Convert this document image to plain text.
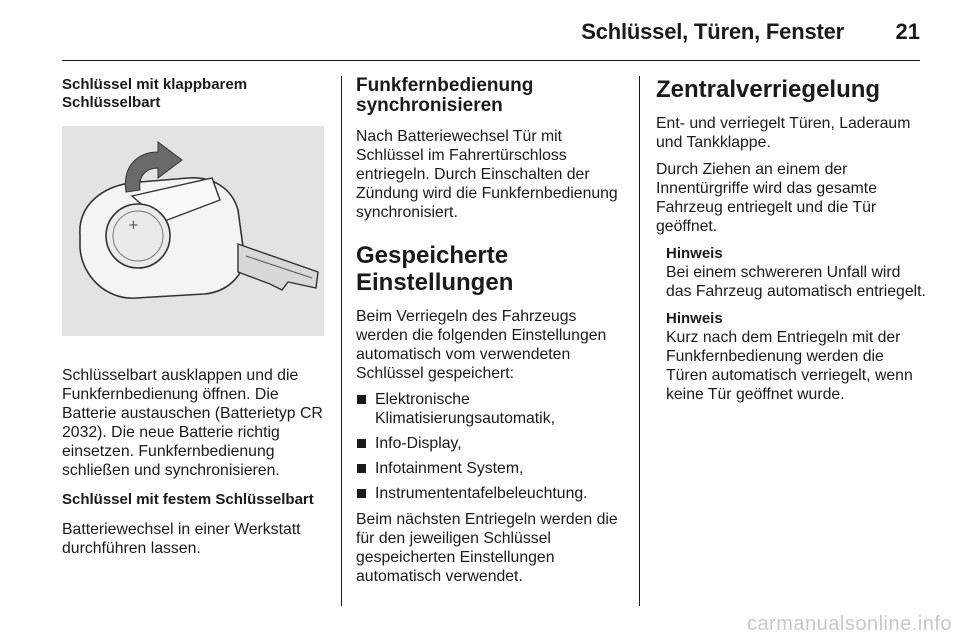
Schlüssel, Türen, Fenster 21

Schlüssel mit klappbarem Schlüsselbart

+

Schlüsselbart ausklappen und die Funkfernbedienung öffnen. Die Batterie austauschen (Batterietyp CR 2032). Die neue Batterie richtig einsetzen. Funkfernbedienung schließen und synchronisieren.

Schlüssel mit festem Schlüsselbart

Batteriewechsel in einer Werkstatt durchführen lassen.

Funkfernbedienung synchronisieren

Nach Batteriewechsel Tür mit Schlüssel im Fahrertürschloss entriegeln. Durch Einschalten der Zündung wird die Funkfernbedienung synchronisiert.

Gespeicherte Einstellungen

Beim Verriegeln des Fahrzeugs werden die folgenden Einstellungen automatisch vom verwendeten Schlüssel gespeichert:

Elektronische Klimatisierungsautomatik,
Info-Display,
Infotainment System,
Instrumententafelbeleuchtung.

Beim nächsten Entriegeln werden die für den jeweiligen Schlüssel gespeicherten Einstellungen automatisch verwendet.

Zentralverriegelung

Ent- und verriegelt Türen, Laderaum und Tankklappe.

Durch Ziehen an einem der Innentürgriffe wird das gesamte Fahrzeug entriegelt und die Tür geöffnet.

Hinweis

Bei einem schwereren Unfall wird das Fahrzeug automatisch entriegelt.

Hinweis

Kurz nach dem Entriegeln mit der Funkfernbedienung werden die Türen automatisch verriegelt, wenn keine Tür geöffnet wurde.

carmanualsonline.info
